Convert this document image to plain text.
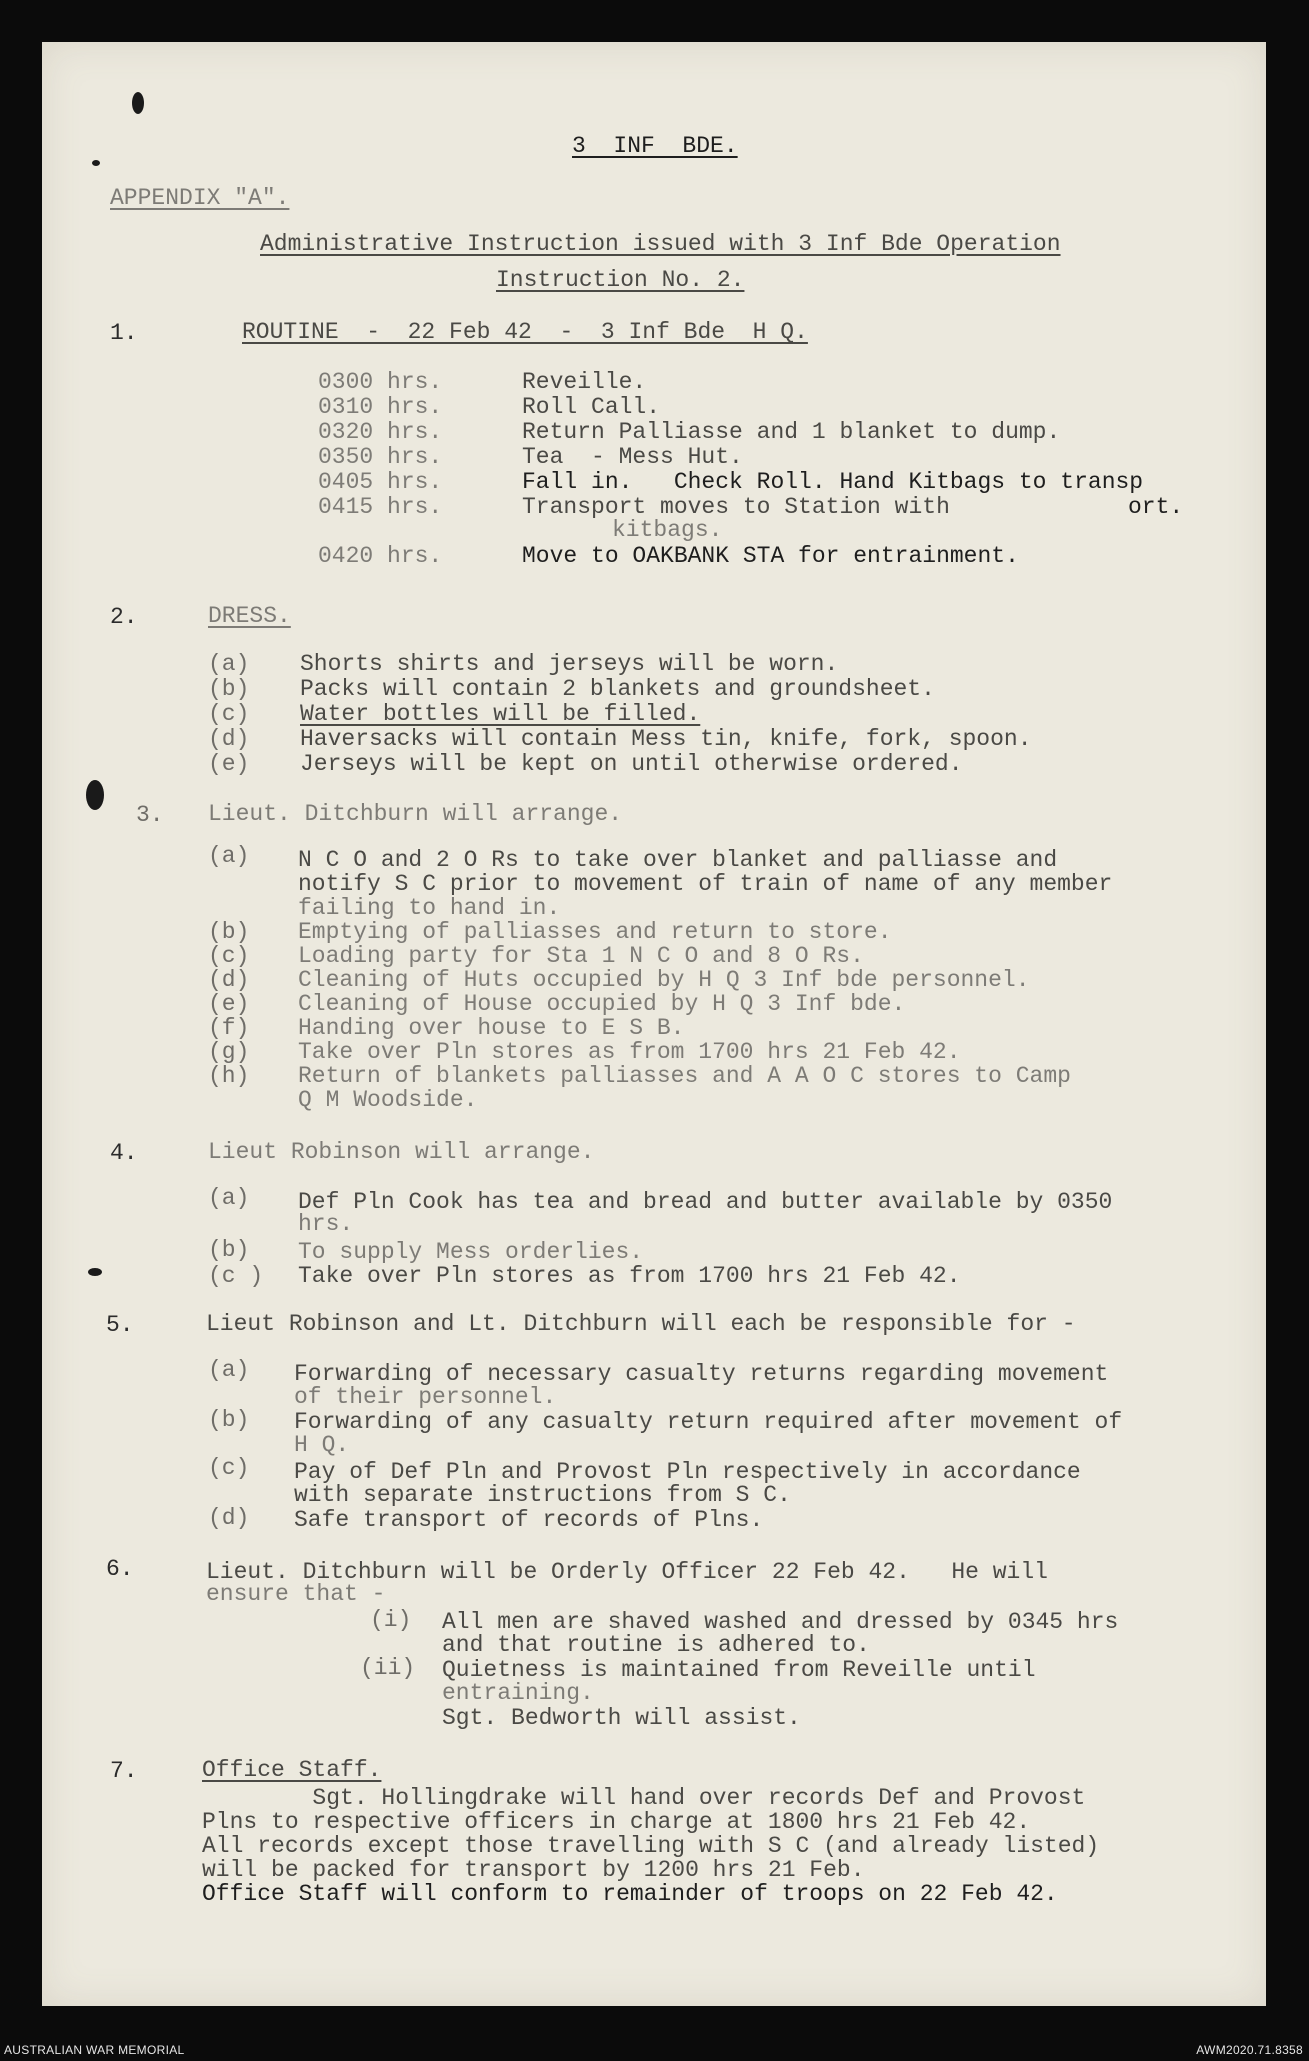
3  INF  BDE.
APPENDIX "A".
Administrative Instruction issued with 3 Inf Bde Operation
Instruction No. 2.
1.	ROUTINE  -  22 Feb 42  -  3 Inf Bde  H Q.
0300 hrs.	Reveille.
0310 hrs.	Roll Call.
0320 hrs.	Return Palliasse and 1 blanket to dump.
0350 hrs.	Tea  - Mess Hut.
0405 hrs.	Fall in.   Check Roll. Hand Kitbags to transp
0415 hrs.	Transport moves to Station with	ort.
kitbags.
0420 hrs.	Move to OAKBANK STA for entrainment.
2.	DRESS.
(a) Shorts shirts and jerseys will be worn.
(b) Packs will contain 2 blankets and groundsheet.
(c) Water bottles will be filled.
(d) Haversacks will contain Mess tin, knife, fork, spoon.
(e) Jerseys will be kept on until otherwise ordered.
3. Lieut. Ditchburn will arrange.
(a) N C O and 2 O Rs to take over blanket and palliasse and
notify S C prior to movement of train of name of any member
failing to hand in.
(b) Emptying of palliasses and return to store.
(c) Loading party for Sta 1 N C O and 8 O Rs.
(d) Cleaning of Huts occupied by H Q 3 Inf bde personnel.
(e) Cleaning of House occupied by H Q 3 Inf bde.
(f) Handing over house to E S B.
(g) Take over Pln stores as from 1700 hrs 21 Feb 42.
(h) Return of blankets palliasses and A A O C stores to Camp
Q M Woodside.
4.	Lieut Robinson will arrange.
(a) Def Pln Cook has tea and bread and butter available by 0350
hrs.
(b) To supply Mess orderlies.
(c ) Take over Pln stores as from 1700 hrs 21 Feb 42.
5.	Lieut Robinson and Lt. Ditchburn will each be responsible for -
(a) Forwarding of necessary casualty returns regarding movement
of their personnel.
(b) Forwarding of any casualty return required after movement of
H Q.
(c) Pay of Def Pln and Provost Pln respectively in accordance
with separate instructions from S C.
(d) Safe transport of records of Plns.
6.	Lieut. Ditchburn will be Orderly Officer 22 Feb 42.   He will
ensure that -
(i) All men are shaved washed and dressed by 0345 hrs
and that routine is adhered to.
(ii) Quietness is maintained from Reveille until
entraining.
Sgt. Bedworth will assist.
7.	Office Staff.
Sgt. Hollingdrake will hand over records Def and Provost
Plns to respective officers in charge at 1800 hrs 21 Feb 42.
All records except those travelling with S C (and already listed)
will be packed for transport by 1200 hrs 21 Feb.
Office Staff will conform to remainder of troops on 22 Feb 42.
AUSTRALIAN WAR MEMORIAL	AWM2020.71.8358
